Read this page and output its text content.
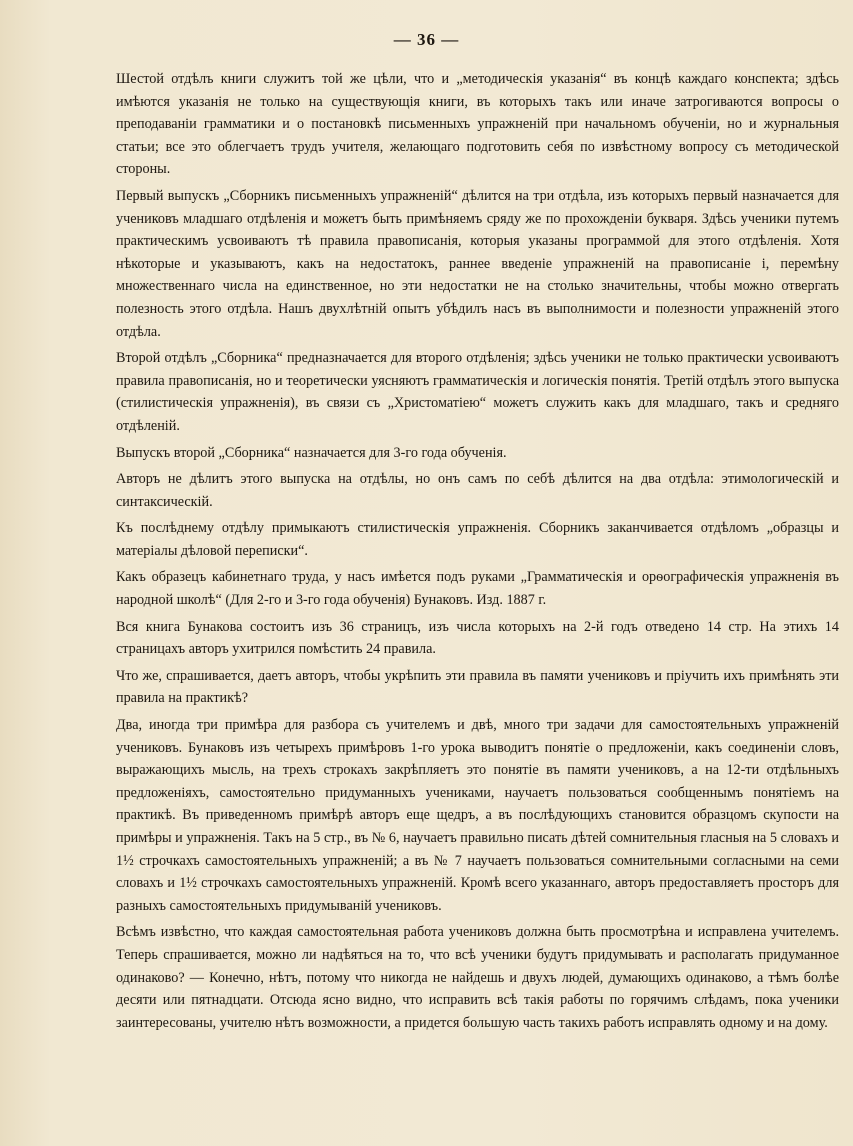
— 36 —

Шестой отдѣлъ книги служитъ той же цѣли, что и „методическія указанія“ въ концѣ каждаго конспекта; здѣсь имѣются указанія не только на существующія книги, въ которыхъ такъ или иначе затрогиваются вопросы о преподаваніи грамматики и о постановкѣ письменныхъ упражненій при начальномъ обученіи, но и журнальныя статьи; все это облегчаетъ трудъ учителя, желающаго подготовить себя по извѣстному вопросу съ методической стороны.

Первый выпускъ „Сборникъ письменныхъ упражненій“ дѣлится на три отдѣла, изъ которыхъ первый назначается для учениковъ младшаго отдѣленія и можетъ быть примѣняемъ сряду же по прохожденіи букваря. Здѣсь ученики путемъ практическимъ усвоиваютъ тѣ правила правописанія, которыя указаны программой для этого отдѣленія. Хотя нѣкоторые и указываютъ, какъ на недостатокъ, раннее введеніе упражненій на правописаніе і, перемѣну множественнаго числа на единственное, но эти недостатки не на столько значительны, чтобы можно отвергать полезность этого отдѣла. Нашъ двухлѣтній опытъ убѣдилъ насъ въ выполнимости и полезности упражненій этого отдѣла.

Второй отдѣлъ „Сборника“ предназначается для второго отдѣленія; здѣсь ученики не только практически усвоиваютъ правила правописанія, но и теоретически уясняютъ грамматическія и логическія понятія. Третій отдѣлъ этого выпуска (стилистическія упражненія), въ связи съ „Христоматіею“ можетъ служить какъ для младшаго, такъ и средняго отдѣленій.

Выпускъ второй „Сборника“ назначается для 3-го года обученія.

Авторъ не дѣлитъ этого выпуска на отдѣлы, но онъ самъ по себѣ дѣлится на два отдѣла: этимологическій и синтаксическій.

Къ послѣднему отдѣлу примыкаютъ стилистическія упражненія. Сборникъ заканчивается отдѣломъ „образцы и матеріалы дѣловой переписки“.

Какъ образецъ кабинетнаго труда, у насъ имѣется подъ руками „Грамматическія и орѳографическія упражненія въ народной школѣ“ (Для 2-го и 3-го года обученія) Бунаковъ. Изд. 1887 г.

Вся книга Бунакова состоитъ изъ 36 страницъ, изъ числа которыхъ на 2-й годъ отведено 14 стр. На этихъ 14 страницахъ авторъ ухитрился помѣстить 24 правила.

Что же, спрашивается, даетъ авторъ, чтобы укрѣпить эти правила въ памяти учениковъ и пріучить ихъ примѣнять эти правила на практикѣ?

Два, иногда три примѣра для разбора съ учителемъ и двѣ, много три задачи для самостоятельныхъ упражненій учениковъ. Бунаковъ изъ четырехъ примѣровъ 1-го урока выводитъ понятіе о предложеніи, какъ соединеніи словъ, выражающихъ мысль, на трехъ строкахъ закрѣпляетъ это понятіе въ памяти учениковъ, а на 12-ти отдѣльныхъ предложеніяхъ, самостоятельно придуманныхъ учениками, научаетъ пользоваться сообщеннымъ понятіемъ на практикѣ. Въ приведенномъ примѣрѣ авторъ еще щедръ, а въ послѣдующихъ становится образцомъ скупости на примѣры и упражненія. Такъ на 5 стр., въ № 6, научаетъ правильно писать дѣтей сомнительныя гласныя на 5 словахъ и 1½ строчкахъ самостоятельныхъ упражненій; а въ № 7 научаетъ пользоваться сомнительными согласными на семи словахъ и 1½ строчкахъ самостоятельныхъ упражненій. Кромѣ всего указаннаго, авторъ предоставляетъ просторъ для разныхъ самостоятельныхъ придумыванiй учениковъ.

Всѣмъ извѣстно, что каждая самостоятельная работа учениковъ должна быть просмотрѣна и исправлена учителемъ. Теперь спрашивается, можно ли надѣяться на то, что всѣ ученики будутъ придумывать и располагать придуманное одинаково? — Конечно, нѣтъ, потому что никогда не найдешь и двухъ людей, думающихъ одинаково, а тѣмъ болѣе десяти или пятнадцати. Отсюда ясно видно, что исправить всѣ такія работы по горячимъ слѣдамъ, пока ученики заинтересованы, учителю нѣтъ возможности, а придется большую часть такихъ работъ исправлять одному и на дому.
